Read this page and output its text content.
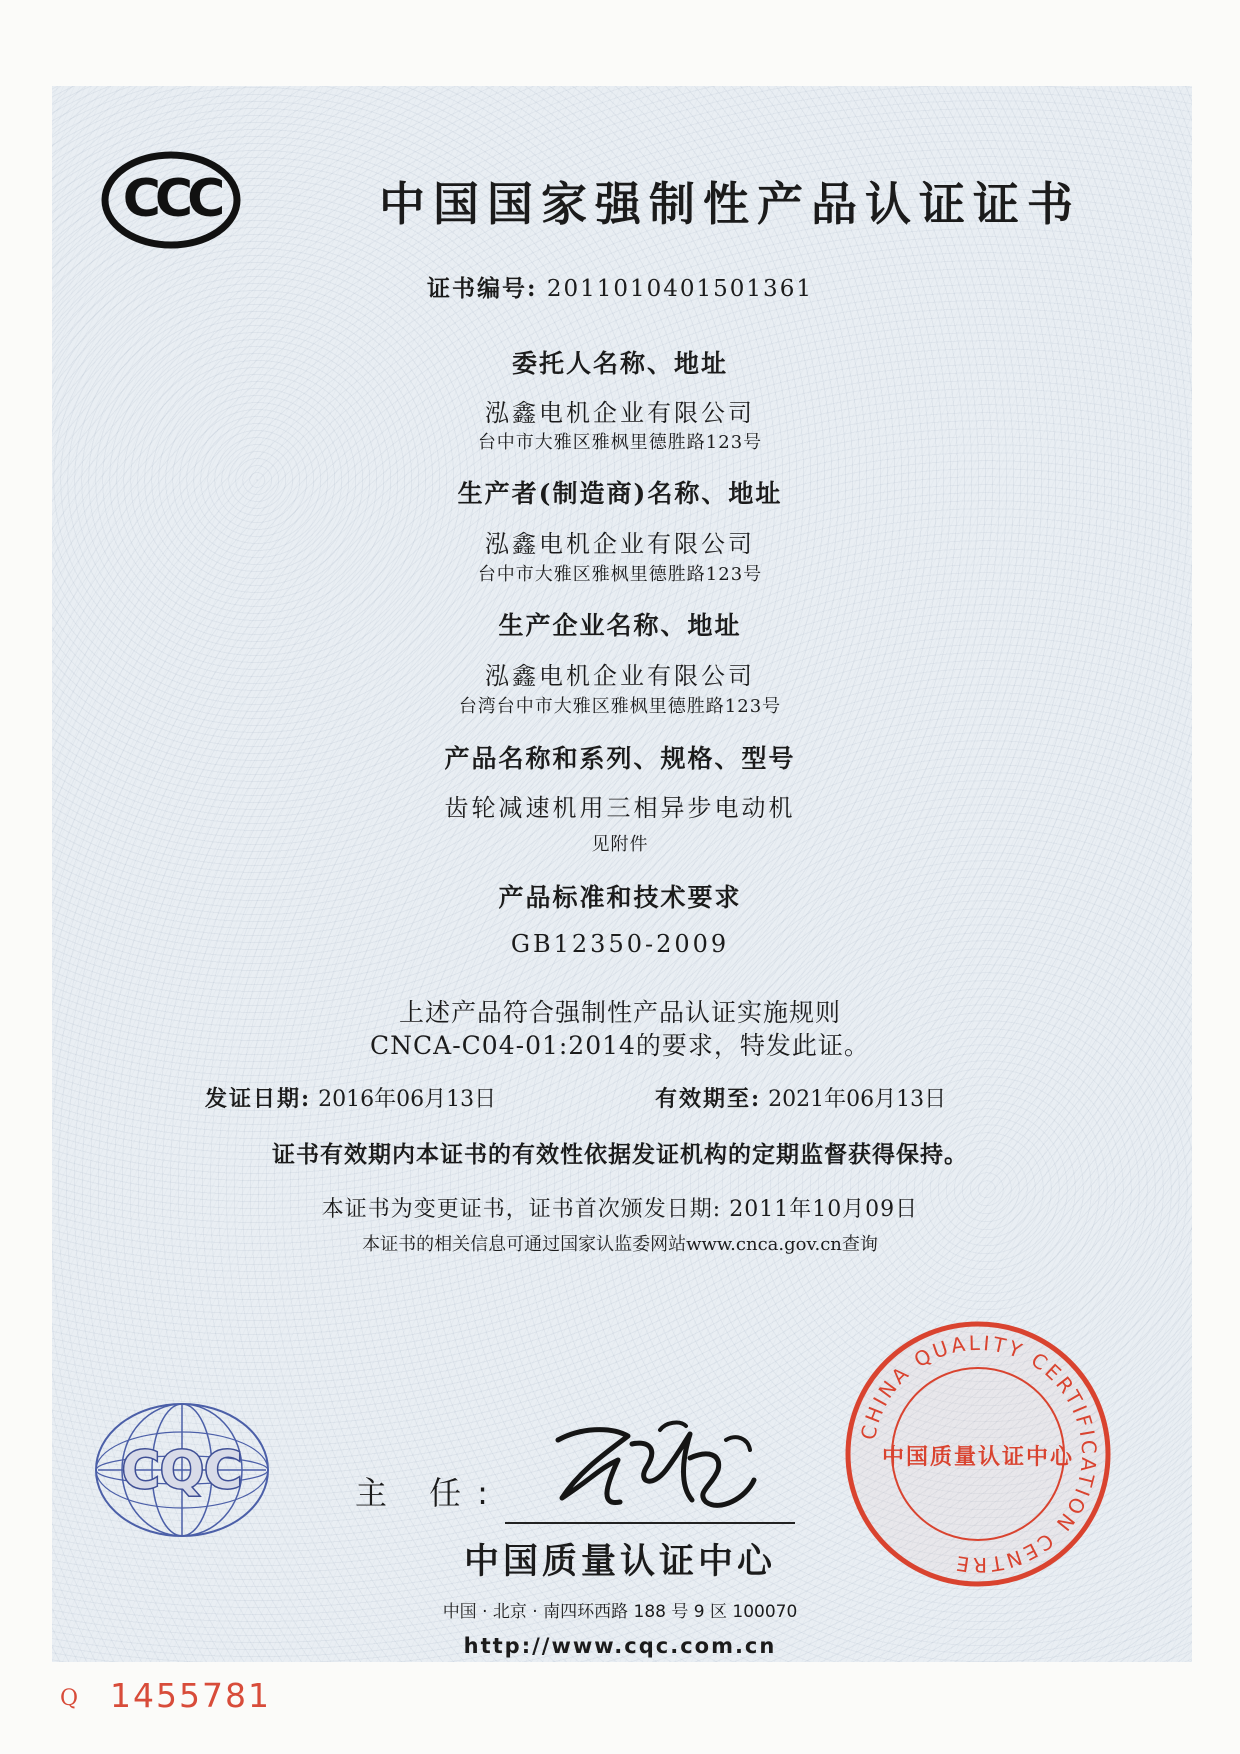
CCC	中国国家强制性产品认证证书
证书编号: 2011010401501361
委托人名称、地址
泓鑫电机企业有限公司
台中市大雅区雅枫里德胜路123号
生产者(制造商)名称、地址
泓鑫电机企业有限公司
台中市大雅区雅枫里德胜路123号
生产企业名称、地址
泓鑫电机企业有限公司
台湾台中市大雅区雅枫里德胜路123号
产品名称和系列、规格、型号
齿轮减速机用三相异步电动机
见附件
产品标准和技术要求
GB12350-2009
上述产品符合强制性产品认证实施规则
CNCA-C04-01:2014的要求，特发此证。
发证日期: 2016年06月13日	有效期至: 2021年06月13日
证书有效期内本证书的有效性依据发证机构的定期监督获得保持。
本证书为变更证书，证书首次颁发日期: 2011年10月09日
本证书的相关信息可通过国家认监委网站www.cnca.gov.cn查询
CQC	主 任:
中国质量认证中心
中国 · 北京 · 南四环西路 188 号 9 区 100070
http://www.cqc.com.cn
CHINA QUALITY CERTIFICATION CENTRE
中国质量认证中心
Q 1455781
